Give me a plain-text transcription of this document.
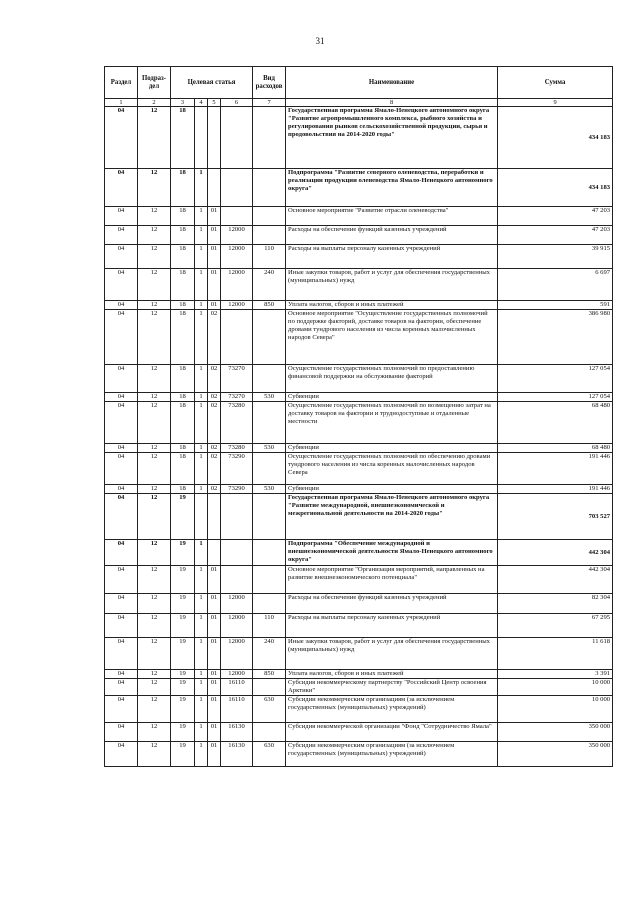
31
Раздел	Подраз-дел	Целевая статья				Вид расходов	Наименование	Сумма
1	2	3	4	5	6	7	8	9
04	12	18					Государственная программа Ямало-Ненецкого автономного округа "Развитие агропромышленного комплекса, рыбного хозяйства и регулирования рынков сельскохозяйственной продукции, сырья и продовольствия на 2014-2020 годы"	434 183
04	12	18	1				Подпрограмма "Развитие северного оленеводства, переработки и реализации продукции оленеводства Ямало-Ненецкого автономного округа"	434 183
04	12	18	1	01			Основное мероприятие "Развитие отрасли оленеводства"	47 203
04	12	18	1	01	12000		Расходы на обеспечение функций казенных учреждений	47 203
04	12	18	1	01	12000	110	Расходы на выплаты персоналу казенных учреждений	39 915
04	12	18	1	01	12000	240	Иные закупки товаров, работ и услуг для обеспечения государственных (муниципальных) нужд	6 697
04	12	18	1	01	12000	850	Уплата налогов, сборов и иных платежей	591
04	12	18	1	02			Основное мероприятие "Осуществление государственных полномочий по поддержке факторий, доставке товаров на фактории, обеспечение дровами тундрового населения из числа коренных малочисленных народов Севера"	386 980
04	12	18	1	02	73270		Осуществление государственных полномочий по предоставлению финансовой поддержки на обслуживание факторий	127 054
04	12	18	1	02	73270	530	Субвенции	127 054
04	12	18	1	02	73280		Осуществление государственных полномочий по возмещению затрат на доставку товаров на фактории и труднодоступные и отдаленные местности	68 480
04	12	18	1	02	73280	530	Субвенции	68 480
04	12	18	1	02	73290		Осуществление государственных полномочий по обеспечению дровами тундрового населения из числа коренных малочисленных народов Севера	191 446
04	12	18	1	02	73290	530	Субвенции	191 446
04	12	19					Государственная программа Ямало-Ненецкого автономного округа "Развитие международной, внешнеэкономической и межрегиональной деятельности на 2014-2020 годы"	703 527
04	12	19	1				Подпрограмма "Обеспечение международной и внешнеэкономической деятельности Ямало-Ненецкого автономного округа"	442 304
04	12	19	1	01			Основное мероприятие "Организация мероприятий, направленных на развитие внешнеэкономического потенциала"	442 304
04	12	19	1	01	12000		Расходы на обеспечение функций казенных учреждений	82 304
04	12	19	1	01	12000	110	Расходы на выплаты персоналу казенных учреждений	67 295
04	12	19	1	01	12000	240	Иные закупки товаров, работ и услуг для обеспечения государственных (муниципальных) нужд	11 618
04	12	19	1	01	12000	850	Уплата налогов, сборов и иных платежей	3 391
04	12	19	1	01	16110		Субсидия некоммерческому партнерству "Российский Центр освоения Арктики"	10 000
04	12	19	1	01	16110	630	Субсидии некоммерческим организациям (за исключением государственных (муниципальных) учреждений)	10 000
04	12	19	1	01	16130		Субсидия некоммерческой организации "Фонд "Сотрудничество Ямала"	350 000
04	12	19	1	01	16130	630	Субсидии некоммерческим организациям (за исключением государственных (муниципальных) учреждений)	350 000
